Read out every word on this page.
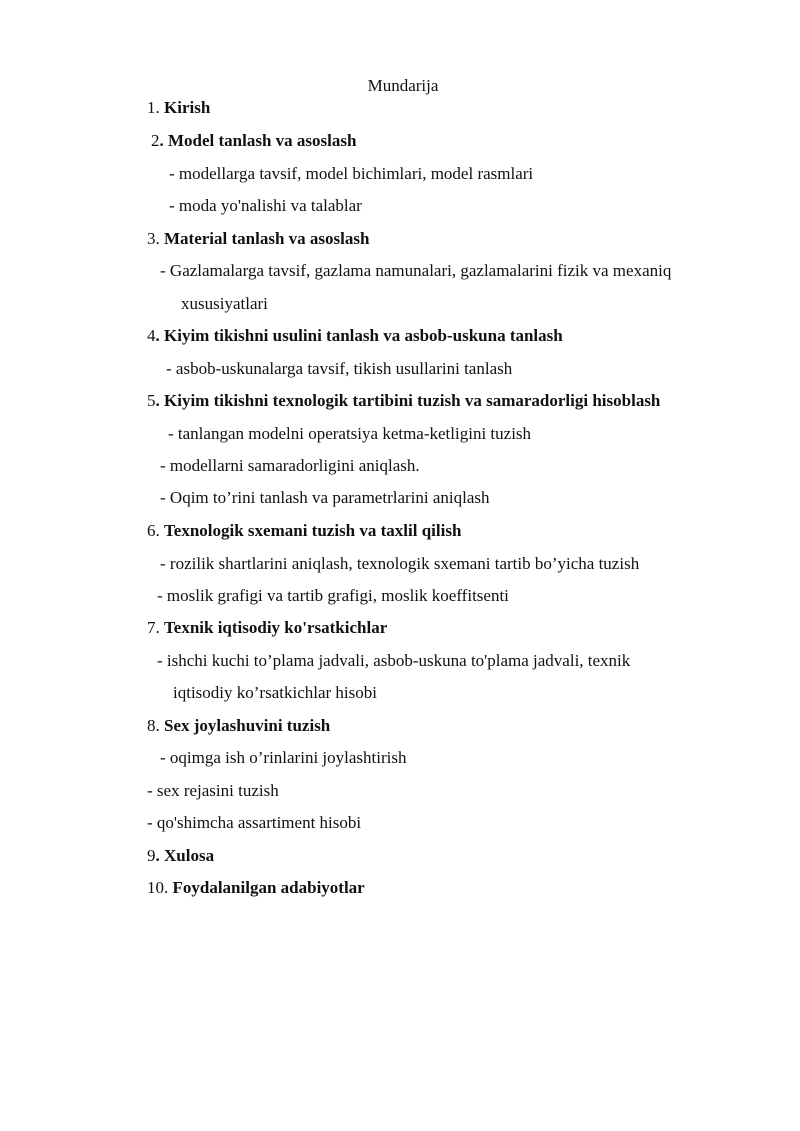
Mundarija
1. Kirish
2. Model tanlash va asoslash
- modellarga tavsif, model bichimlari, model rasmlari
- moda yo'nalishi va talablar
3. Material tanlash va asoslash
- Gazlamalarga tavsif, gazlama namunalari, gazlamalarini fizik va mexaniq
xususiyatlari
4. Kiyim tikishni usulini tanlash va asbob-uskuna tanlash
- asbob-uskunalarga tavsif, tikish usullarini tanlash
5. Kiyim tikishni texnologik tartibini tuzish va samaradorligi hisoblash
- tanlangan modelni operatsiya ketma-ketligini tuzish
- modellarni samaradorligini aniqlash.
- Oqim to’rini tanlash va parametrlarini aniqlash
6. Texnologik sxemani tuzish va taxlil qilish
- rozilik shartlarini aniqlash, texnologik sxemani tartib bo’yicha tuzish
- moslik grafigi va tartib grafigi, moslik koeffitsenti
7. Texnik iqtisodiy ko'rsatkichlar
- ishchi kuchi to’plama jadvali, asbob-uskuna to'plama jadvali, texnik
iqtisodiy ko’rsatkichlar hisobi
8. Sex joylashuvini tuzish
- oqimga ish o’rinlarini joylashtirish
- sex rejasini tuzish
- qo'shimcha assartiment hisobi
9. Xulosa
10. Foydalanilgan adabiyotlar
